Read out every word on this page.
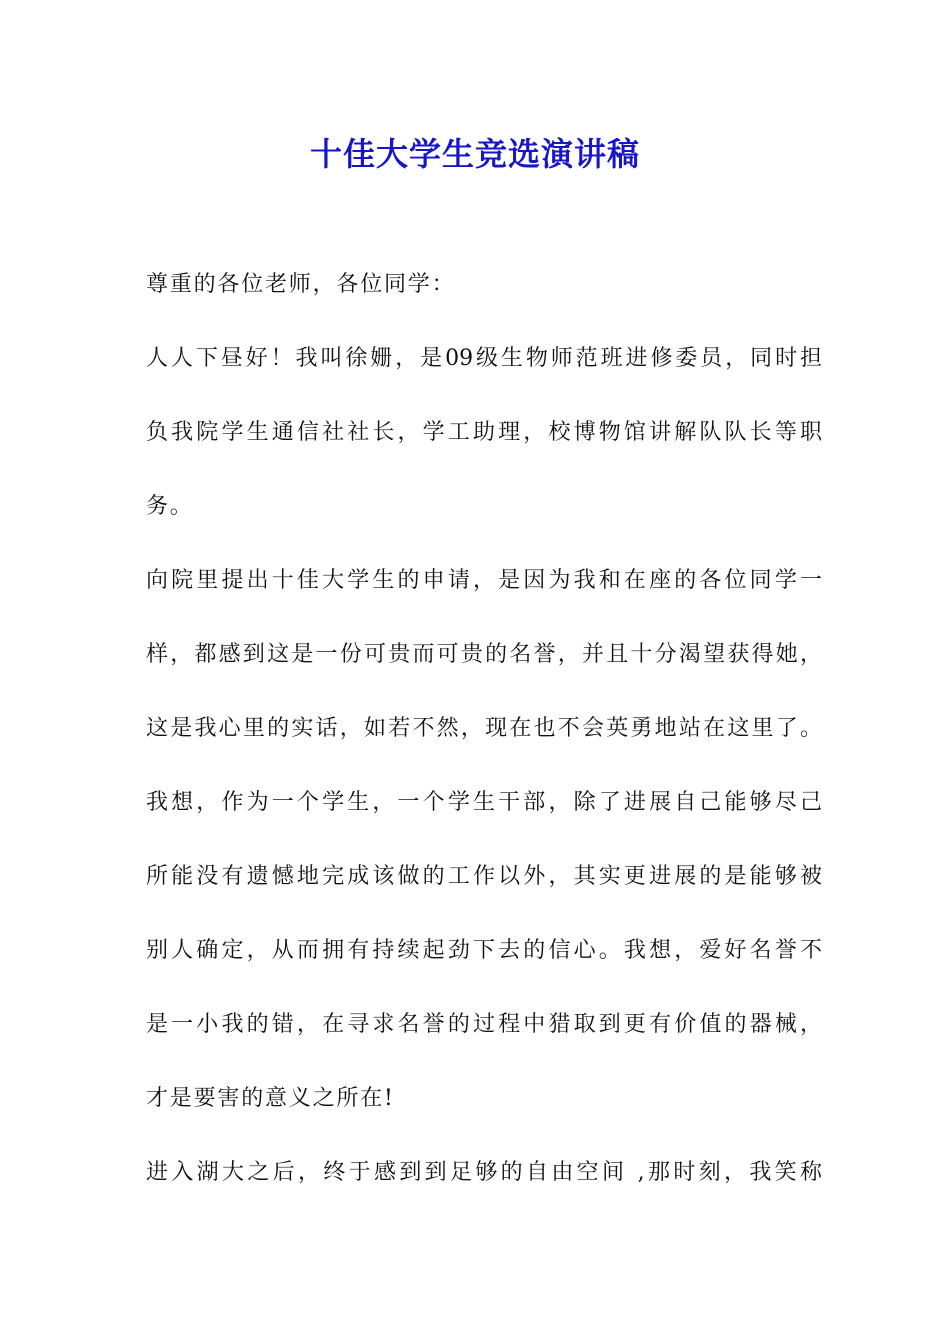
十佳大学生竞选演讲稿
尊重的各位老师，各位同学：
人人下昼好！我叫徐姗，是09级生物师范班进修委员，同时担
负我院学生通信社社长，学工助理，校博物馆讲解队队长等职
务。
向院里提出十佳大学生的申请，是因为我和在座的各位同学一
样，都感到这是一份可贵而可贵的名誉，并且十分渴望获得她，
这是我心里的实话，如若不然，现在也不会英勇地站在这里了。
我想，作为一个学生，一个学生干部，除了进展自己能够尽己
所能没有遗憾地完成该做的工作以外，其实更进展的是能够被
别人确定，从而拥有持续起劲下去的信心。我想，爱好名誉不
是一小我的错，在寻求名誉的过程中猎取到更有价值的器械，
才是要害的意义之所在!
进入湖大之后，终于感到到足够的自由空间 ,那时刻，我笑称
